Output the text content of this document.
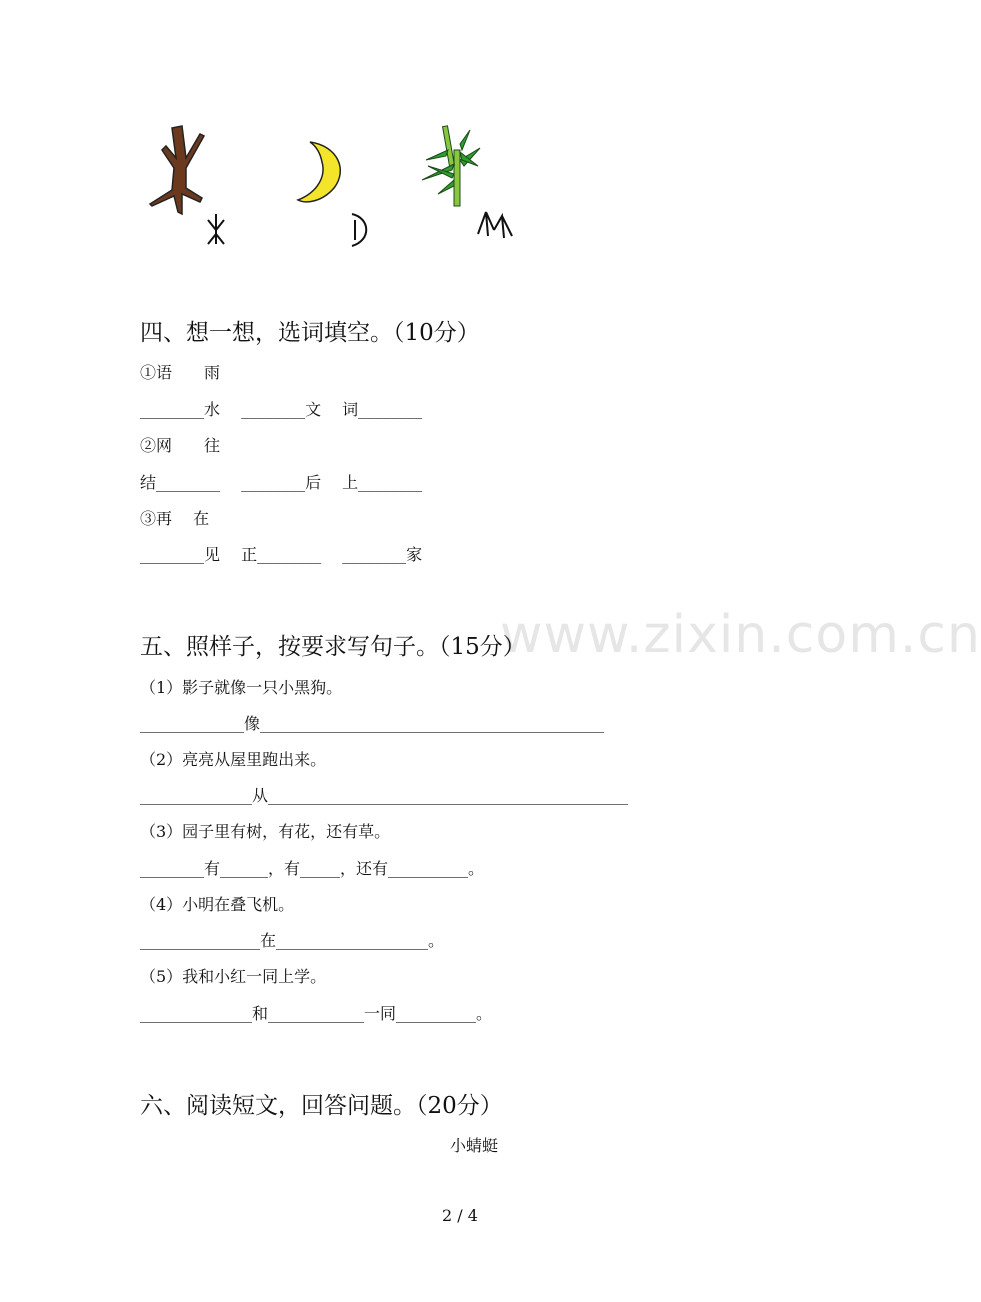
www.zixin.com.cn
四、想一想，选词填空。（10分）
①语　　雨
________水　 ________文　 词________
②网　　往
结________　 ________后　 上________
③再　 在
________见　 正________　 ________家
五、照样子，按要求写句子。（15分）
（1）影子就像一只小黑狗。
_____________像___________________________________________
（2）亮亮从屋里跑出来。
______________从_____________________________________________
（3）园子里有树，有花，还有草。
________有______，有_____，还有__________。
（4）小明在叠飞机。
_______________在___________________。
（5）我和小红一同上学。
______________和____________一同__________。
六、阅读短文，回答问题。（20分）
小蜻蜓
2 / 4
